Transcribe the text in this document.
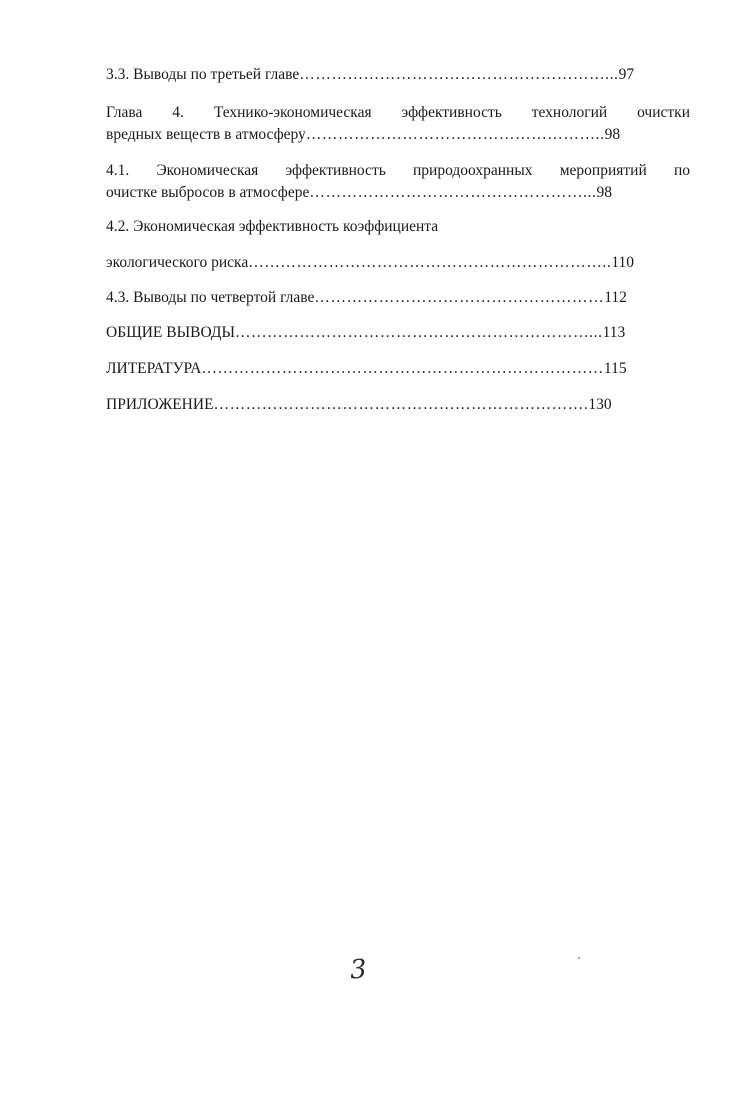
3.3. Выводы по третьей главе…………………………………………………...97
Глава 4. Технико-экономическая эффективность технологий очистки
вредных веществ в атмосферу………………………………………………..98
4.1. Экономическая эффективность природоохранных мероприятий по
очистке выбросов в атмосфере……………………………………………...98
4.2. Экономическая эффективность коэффициента
экологического риска…………………………………………………………..110
4.3. Выводы по четвертой главе………………………………………………112
ОБЩИЕ ВЫВОДЫ…………………………………………………………...113
ЛИТЕРАТУРА…………………………………………………………………115
ПРИЛОЖЕНИЕ…………………………………………………………….130
3
